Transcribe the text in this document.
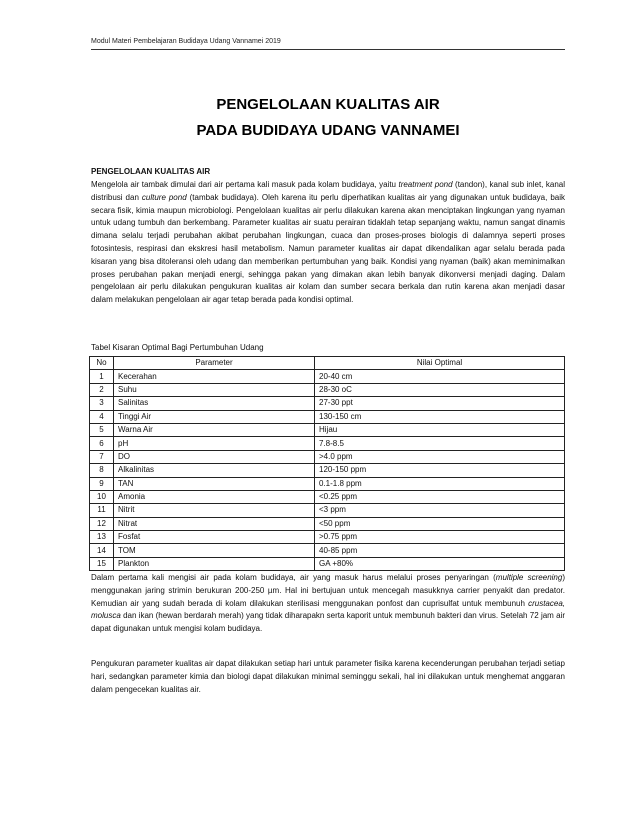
Modul Materi Pembelajaran Budidaya Udang Vannamei 2019
PENGELOLAAN KUALITAS AIR
PADA BUDIDAYA UDANG VANNAMEI
PENGELOLAAN KUALITAS AIR

Mengelola air tambak dimulai dari air pertama kali masuk pada kolam budidaya, yaitu treatment pond (tandon), kanal sub inlet, kanal distribusi dan culture pond (tambak budidaya). Oleh karena itu perlu diperhatikan kualitas air yang digunakan untuk budidaya, baik secara fisik, kimia maupun microbiologi. Pengelolaan kualitas air perlu dilakukan karena akan menciptakan lingkungan yang nyaman untuk udang tumbuh dan berkembang. Parameter kualitas air suatu perairan tidaklah tetap sepanjang waktu, namun sangat dinamis dimana selalu terjadi perubahan akibat perubahan lingkungan, cuaca dan proses-proses biologis di dalamnya seperti proses fotosintesis, respirasi dan ekskresi hasil metabolism. Namun parameter kualitas air dapat dikendalikan agar selalu berada pada kisaran yang bisa ditoleransi oleh udang dan memberikan pertumbuhan yang baik. Kondisi yang nyaman (baik) akan meminimalkan proses perubahan pakan menjadi energi, sehingga pakan yang dimakan akan lebih banyak dikonversi menjadi daging. Dalam pengelolaan air perlu dilakukan pengukuran kualitas air kolam dan sumber secara berkala dan rutin karena akan menjadi dasar dalam melakukan pengelolaan air agar tetap berada pada kondisi optimal.

Tabel Kisaran Optimal Bagi Pertumbuhan Udang
No	Parameter	Nilai Optimal
1	Kecerahan	20-40 cm
2	Suhu	28-30 oC
3	Salinitas	27-30 ppt
4	Tinggi Air	130-150 cm
5	Warna Air	Hijau
6	pH	7.8-8.5
7	DO	>4.0 ppm
8	Alkalinitas	120-150 ppm
9	TAN	0.1-1.8 ppm
10	Amonia	<0.25 ppm
11	Nitrit	<3 ppm
12	Nitrat	<50 ppm
13	Fosfat	>0.75 ppm
14	TOM	40-85 ppm
15	Plankton	GA +80%

Dalam pertama kali mengisi air pada kolam budidaya, air yang masuk harus melalui proses penyaringan (multiple screening) menggunakan jaring strimin berukuran 200-250 µm. Hal ini bertujuan untuk mencegah masukknya carrier penyakit dan predator. Kemudian air yang sudah berada di kolam dilakukan sterilisasi menggunakan ponfost dan cuprisulfat untuk membunuh crustacea, molusca dan ikan (hewan berdarah merah) yang tidak diharapakn serta kaporit untuk membunuh bakteri dan virus. Setelah 72 jam air dapat digunakan untuk mengisi kolam budidaya.

Pengukuran parameter kualitas air dapat dilakukan setiap hari untuk parameter fisika karena kecenderungan perubahan terjadi setiap hari, sedangkan parameter kimia dan biologi dapat dilakukan minimal seminggu sekali, hal ini dilakukan untuk menghemat anggaran dalam pengecekan kualitas air.
